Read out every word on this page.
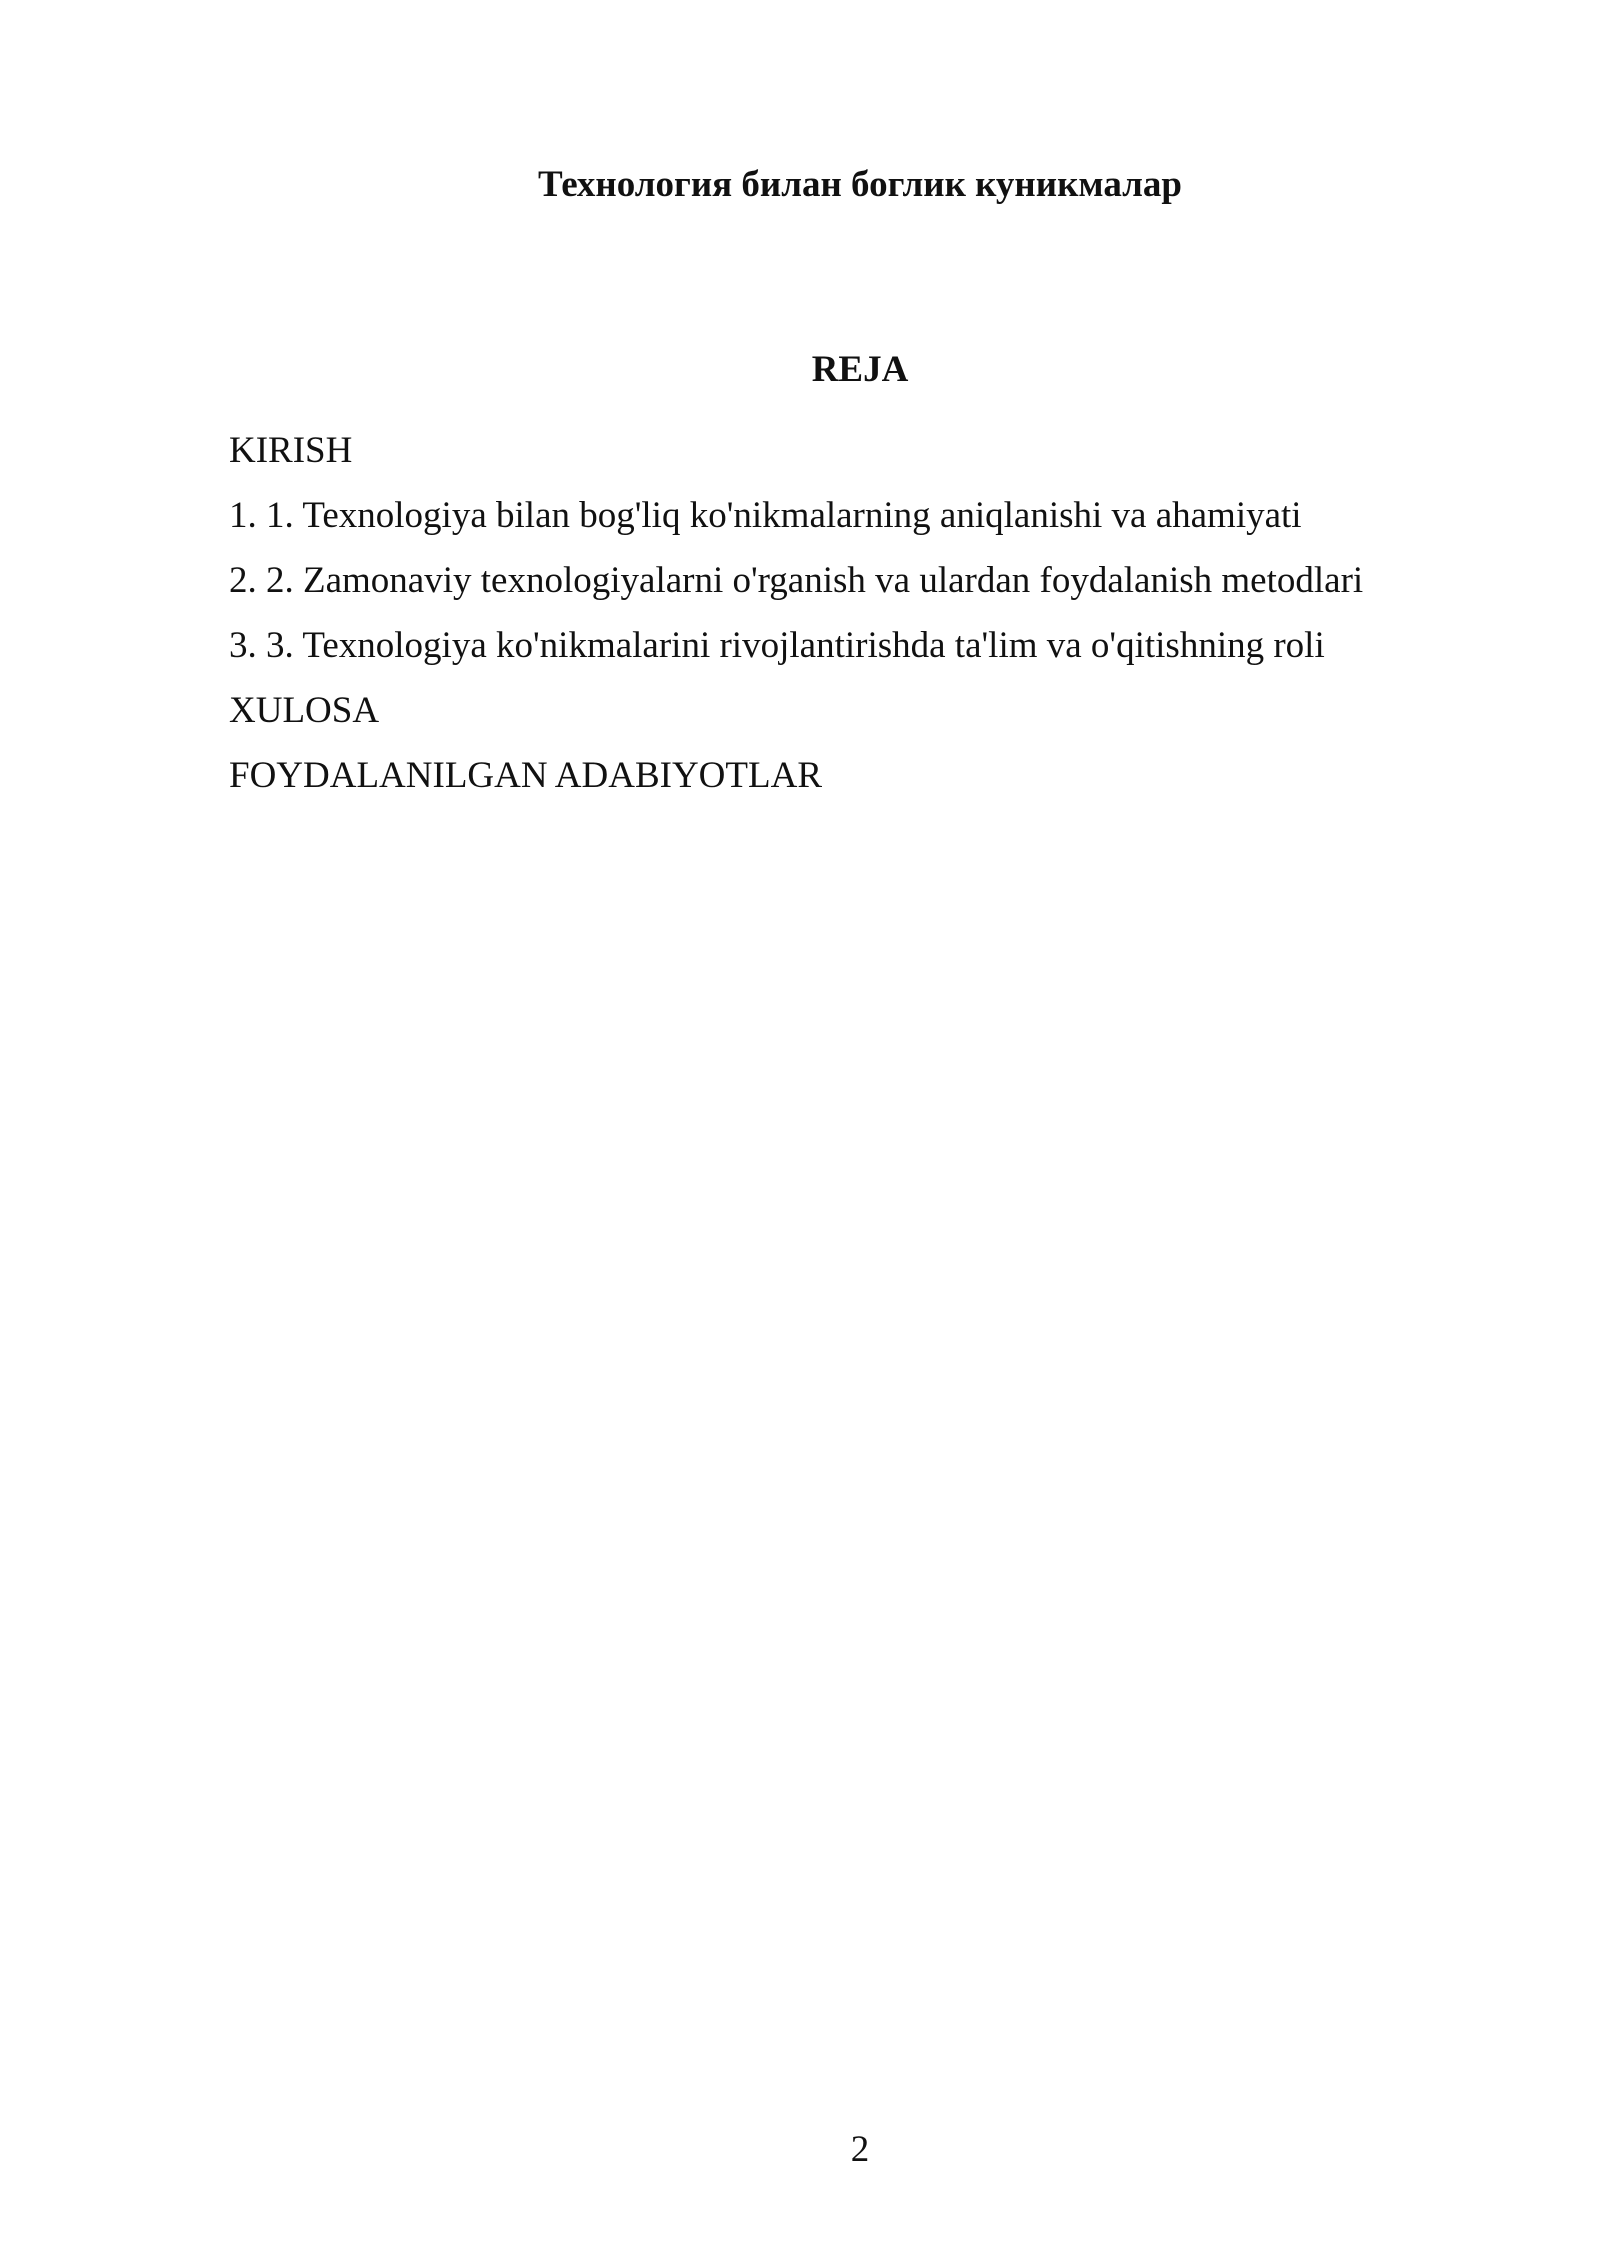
Технология билан боглик куникмалар
REJA
KIRISH
1. 1. Texnologiya bilan bog'liq ko'nikmalarning aniqlanishi va ahamiyati
2. 2. Zamonaviy texnologiyalarni o'rganish va ulardan foydalanish metodlari
3. 3. Texnologiya ko'nikmalarini rivojlantirishda ta'lim va o'qitishning roli
XULOSA
FOYDALANILGAN ADABIYOTLAR
2
